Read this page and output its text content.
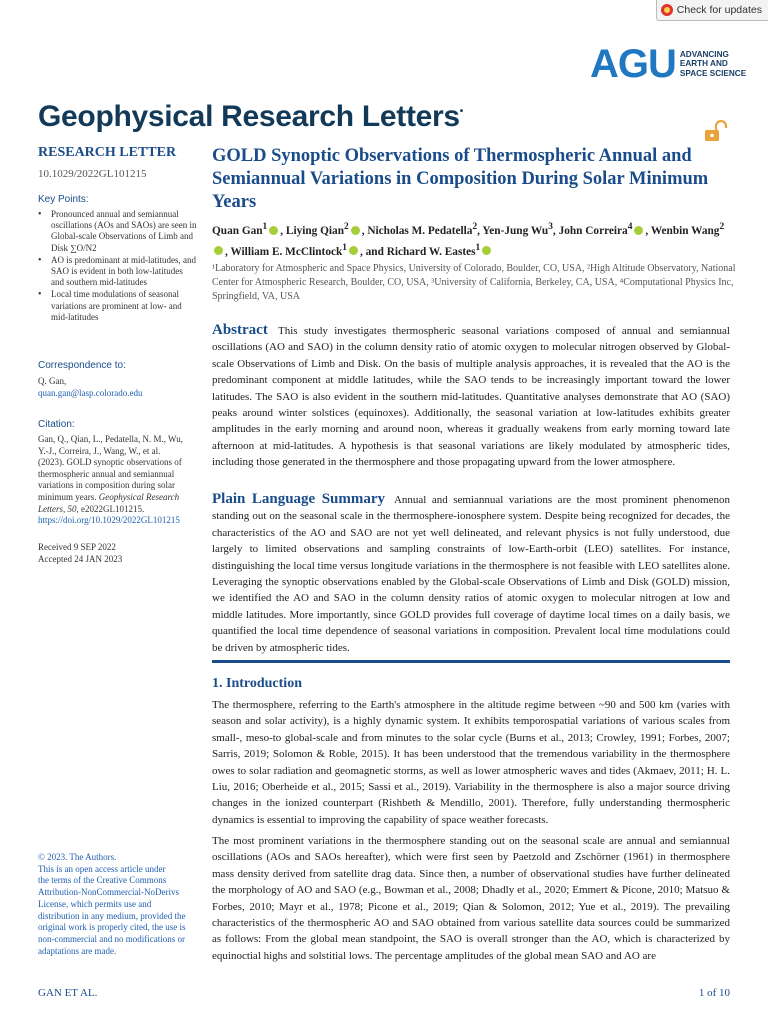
Check for updates
AGU ADVANCING
EARTH AND
SPACE SCIENCE
Geophysical Research Letters•
RESEARCH LETTER
10.1029/2022GL101215
Key Points:
• Pronounced annual and semiannual oscillations (AOs and SAOs) are seen in Global-scale Observations of Limb and Disk ∑O/N2
• AO is predominant at mid-latitudes, and SAO is evident in both low-latitudes and southern mid-latitudes
• Local time modulations of seasonal variations are prominent at low- and mid-latitudes
Correspondence to:
Q. Gan,
quan.gan@lasp.colorado.edu
Citation:
Gan, Q., Qian, L., Pedatella, N. M., Wu, Y.-J., Correira, J., Wang, W., et al. (2023). GOLD synoptic observations of thermospheric annual and semiannual variations in composition during solar minimum years. Geophysical Research Letters, 50, e2022GL101215. https://doi.org/10.1029/2022GL101215
Received 9 SEP 2022
Accepted 24 JAN 2023
© 2023. The Authors.
This is an open access article under
the terms of the Creative Commons
Attribution-NonCommercial-NoDerivs
License, which permits use and
distribution in any medium, provided the
original work is properly cited, the use is
non-commercial and no modifications or
adaptations are made.
GOLD Synoptic Observations of Thermospheric Annual and Semiannual Variations in Composition During Solar Minimum Years
Quan Gan$^1$ , Liying Qian$^2$ , Nicholas M. Pedatella$^2$, Yen-Jung Wu$^3$, John Correira$^4$ , Wenbin Wang$^2$, William E. McClintock$^1$ , and Richard W. Eastes$^1$
¹Laboratory for Atmospheric and Space Physics, University of Colorado, Boulder, CO, USA, ²High Altitude Observatory, National Center for Atmospheric Research, Boulder, CO, USA, ³University of California, Berkeley, CA, USA, ⁴Computational Physics Inc, Springfield, VA, USA
Abstract This study investigates thermospheric seasonal variations composed of annual and semiannual oscillations (AO and SAO) in the column density ratio of atomic oxygen to molecular nitrogen observed by Global-scale Observations of Limb and Disk. On the basis of multiple analysis approaches, it is revealed that the AO is the predominant component at middle latitudes, while the SAO tends to be increasingly important toward the lower latitudes. The SAO is also evident in the southern mid-latitudes. Quantitative analyses demonstrate that AO (SAO) peaks around winter solstices (equinoxes). Additionally, the seasonal variation at low-latitudes exhibits greater amplitudes in the early morning and around noon, whereas it gradually weakens from early morning toward late afternoon at mid-latitudes. A hypothesis is that seasonal variations are likely modulated by atmospheric tides, including those generated in the thermosphere and those propagating upward from the lower atmosphere.
Plain Language Summary Annual and semiannual variations are the most prominent phenomenon standing out on the seasonal scale in the thermosphere-ionosphere system. Despite being recognized for decades, the characteristics of the AO and SAO are not yet well delineated, and relevant physics is not fully understood, due largely to limited observations and sampling constraints of low-Earth-orbit (LEO) satellites. For instance, distinguishing the local time versus longitude variations in the thermosphere is not feasible with LEO satellites alone. Leveraging the synoptic observations enabled by the Global-scale Observations of Limb and Disk (GOLD) mission, we identified the AO and SAO in the column density ratios of atomic oxygen to molecular nitrogen at low and middle latitudes. More importantly, since GOLD provides full coverage of daytime local times on a daily basis, we quantified the local time dependence of seasonal variations in composition. Prevalent local time modulations could be driven by atmospheric tides.
1. Introduction
The thermosphere, referring to the Earth's atmosphere in the altitude regime between ~90 and 500 km (varies with season and solar activity), is a highly dynamic system. It exhibits temporospatial variations of various scales from small-, meso-to global-scale and from minutes to the solar cycle (Burns et al., 2013; Crowley, 1991; Forbes, 2007; Sarris, 2019; Solomon & Roble, 2015). It has been understood that the tremendous variability in the thermosphere owes to solar radiation and geomagnetic storms, as well as lower atmospheric waves and tides (Akmaev, 2011; H. L. Liu, 2016; Oberheide et al., 2015; Sassi et al., 2019). Variability in the thermosphere is also a major source driving changes in the ionized counterpart (Rishbeth & Mendillo, 2001). Therefore, fully understanding thermospheric dynamics is essential to improving the capability of space weather forecasts.
The most prominent variations in the thermosphere standing out on the seasonal scale are annual and semiannual oscillations (AOs and SAOs hereafter), which were first seen by Paetzold and Zschörner (1961) in thermosphere mass density derived from satellite drag data. Since then, a number of observational studies have further delineated the morphology of AO and SAO (e.g., Bowman et al., 2008; Dhadly et al., 2020; Emmert & Picone, 2010; Matsuo & Forbes, 2010; Mayr et al., 1978; Picone et al., 2019; Qian & Solomon, 2012; Yue et al., 2019). The prevailing characteristics of the thermospheric AO and SAO obtained from various satellite data sources could be summarized as follows: From the global mean standpoint, the SAO is overall stronger than the AO, which is characterized by equinoctial highs and solstitial lows. The percentage amplitudes of the global mean SAO and AO are
GAN ET AL.	1 of 10
